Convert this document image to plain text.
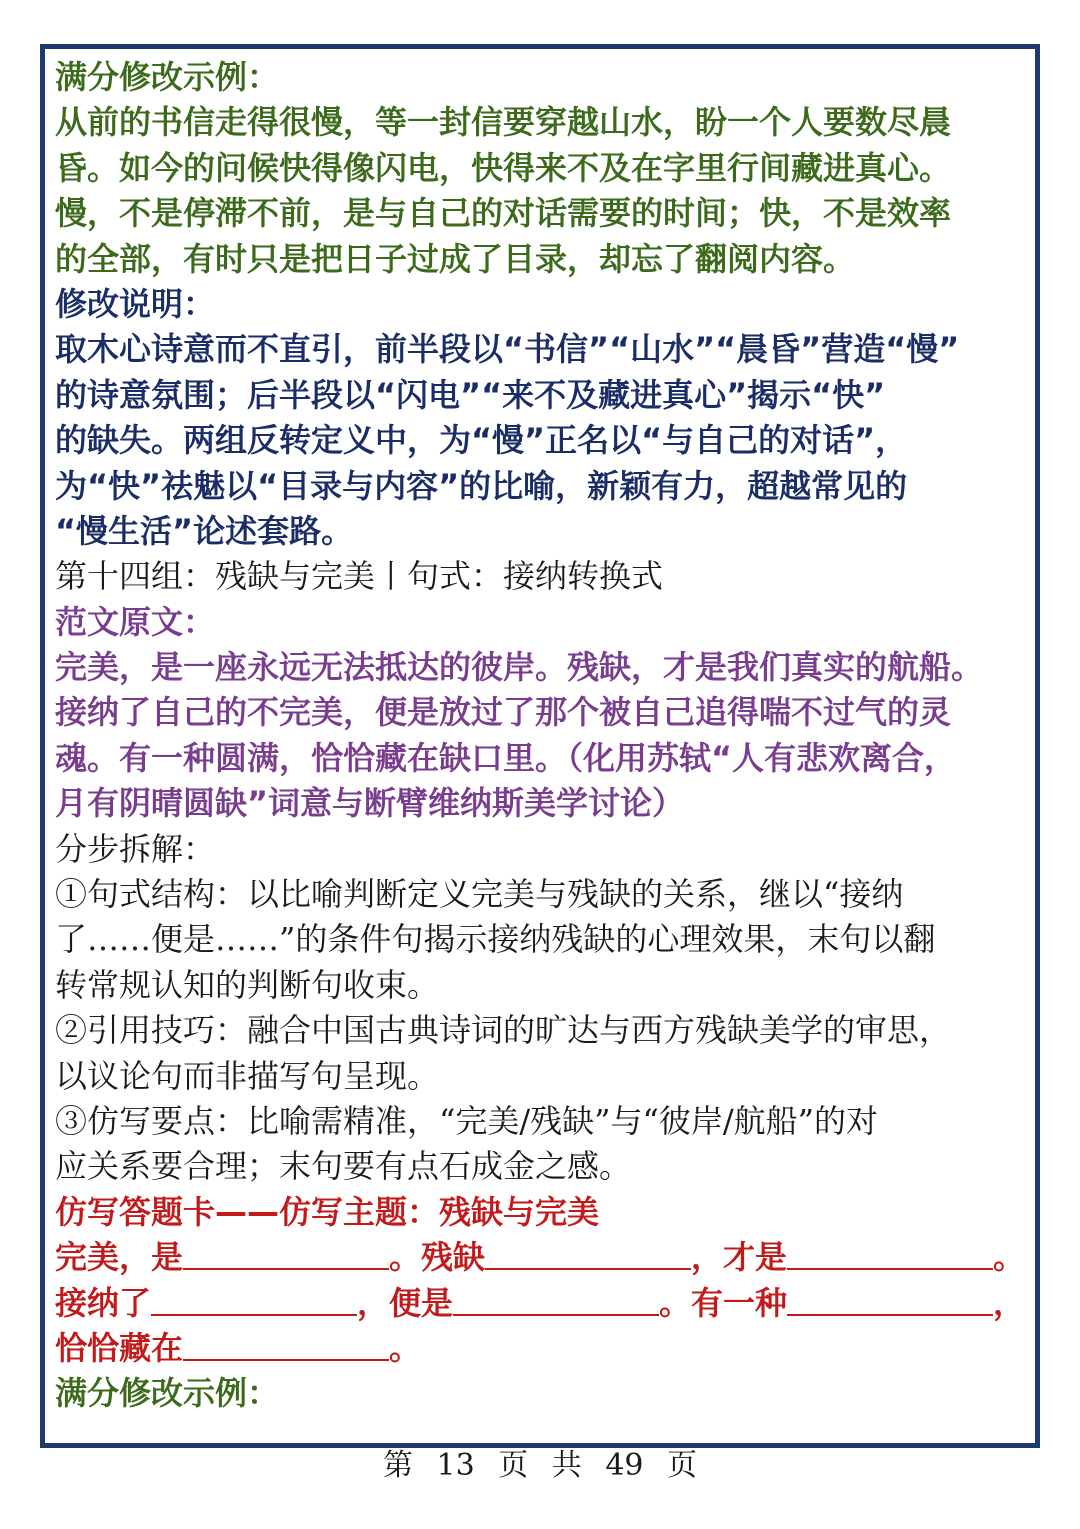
满分修改示例：
从前的书信走得很慢，等一封信要穿越山水，盼一个人要数尽晨
昏。如今的问候快得像闪电，快得来不及在字里行间藏进真心。
慢，不是停滞不前，是与自己的对话需要的时间；快，不是效率
的全部，有时只是把日子过成了目录，却忘了翻阅内容。
修改说明：
取木心诗意而不直引，前半段以“书信”“山水”“晨昏”营造“慢”
的诗意氛围；后半段以“闪电”“来不及藏进真心”揭示“快”
的缺失。两组反转定义中，为“慢”正名以“与自己的对话”，
为“快”祛魅以“目录与内容”的比喻，新颖有力，超越常见的
“慢生活”论述套路。
第十四组：残缺与完美丨句式：接纳转换式
范文原文：
完美，是一座永远无法抵达的彼岸。残缺，才是我们真实的航船。
接纳了自己的不完美，便是放过了那个被自己追得喘不过气的灵
魂。有一种圆满，恰恰藏在缺口里。（化用苏轼“人有悲欢离合，
月有阴晴圆缺”词意与断臂维纳斯美学讨论）
分步拆解：
①句式结构：以比喻判断定义完美与残缺的关系，继以“接纳
了……便是……”的条件句揭示接纳残缺的心理效果，末句以翻
转常规认知的判断句收束。
②引用技巧：融合中国古典诗词的旷达与西方残缺美学的审思，
以议论句而非描写句呈现。
③仿写要点：比喻需精准，“完美/残缺”与“彼岸/航船”的对
应关系要合理；末句要有点石成金之感。
仿写答题卡——仿写主题：残缺与完美
完美，是	。残缺	，才是	。
接纳了	，便是	。有一种	，
恰恰藏在	。
满分修改示例：
第 13 页 共 49 页
